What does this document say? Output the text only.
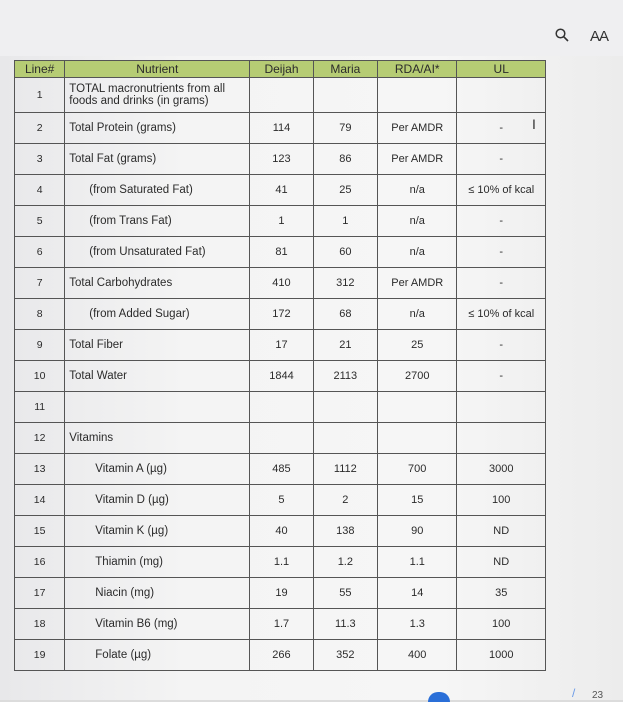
AA
Line#	Nutrient	Deijah	Maria	RDA/AI*	UL
1	TOTAL macronutrients from all foods and drinks (in grams)				
2	Total Protein (grams)	114	79	Per AMDR	-
3	Total Fat (grams)	123	86	Per AMDR	-
4	(from Saturated Fat)	41	25	n/a	≤ 10% of kcal
5	(from Trans Fat)	1	1	n/a	-
6	(from Unsaturated Fat)	81	60	n/a	-
7	Total Carbohydrates	410	312	Per AMDR	-
8	(from Added Sugar)	172	68	n/a	≤ 10% of kcal
9	Total Fiber	17	21	25	-
10	Total Water	1844	2113	2700	-
11					
12	Vitamins				
13	Vitamin A (µg)	485	1112	700	3000
14	Vitamin D (µg)	5	2	15	100
15	Vitamin K (µg)	40	138	90	ND
16	Thiamin (mg)	1.1	1.2	1.1	ND
17	Niacin (mg)	19	55	14	35
18	Vitamin B6 (mg)	1.7	11.3	1.3	100
19	Folate (µg)	266	352	400	1000
I
/ 23
